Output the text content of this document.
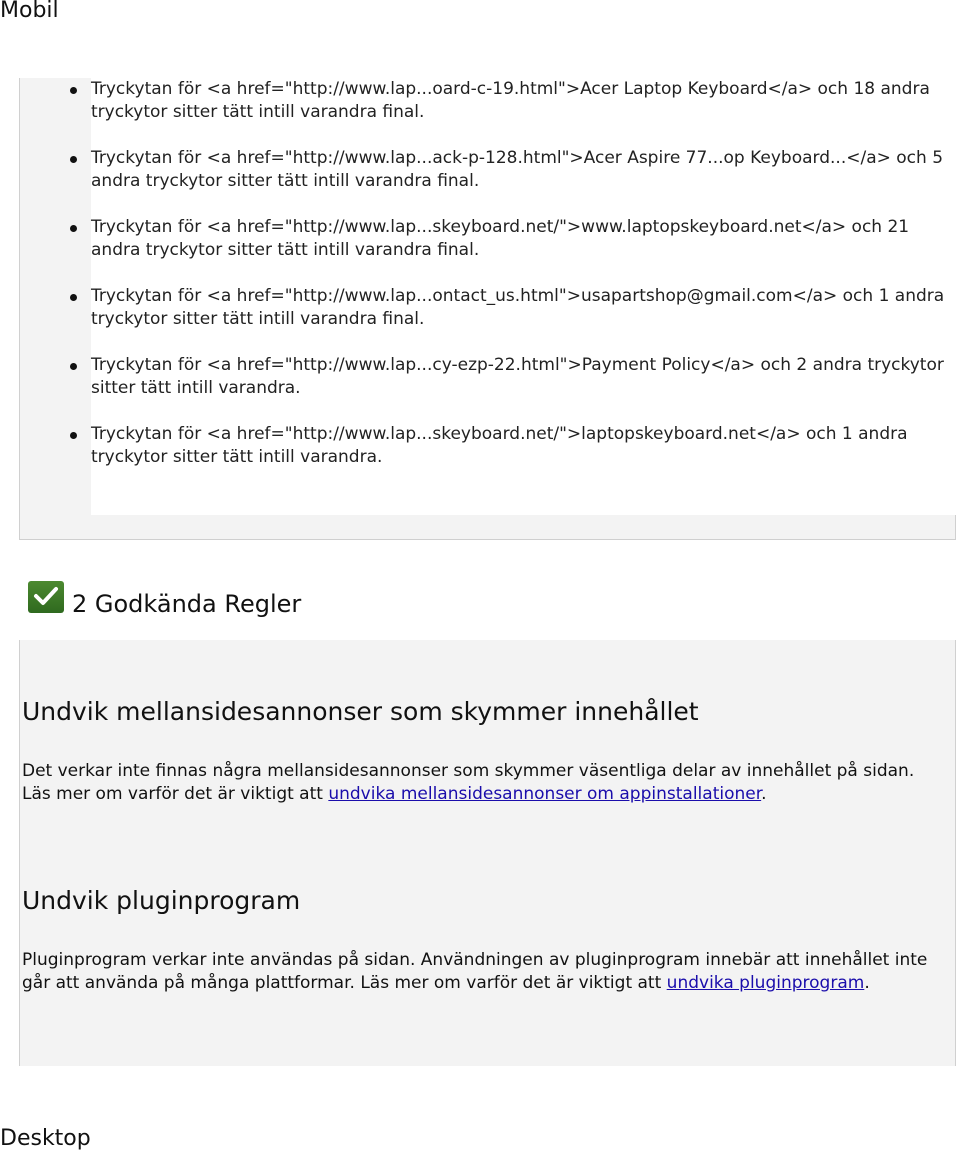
Mobil
Tryckytan för <a href="http://www.lap...oard-c-19.html">Acer Laptop Keyboard</a> och 18 andra tryckytor sitter tätt intill varandra final.
Tryckytan för <a href="http://www.lap...ack-p-128.html">Acer Aspire 77...op Keyboard...</a> och 5 andra tryckytor sitter tätt intill varandra final.
Tryckytan för <a href="http://www.lap...skeyboard.net/">www.laptopskeyboard.net</a> och 21 andra tryckytor sitter tätt intill varandra final.
Tryckytan för <a href="http://www.lap...ontact_us.html">usapartshop@gmail.com</a> och 1 andra tryckytor sitter tätt intill varandra final.
Tryckytan för <a href="http://www.lap...cy-ezp-22.html">Payment Policy</a> och 2 andra tryckytor sitter tätt intill varandra.
Tryckytan för <a href="http://www.lap...skeyboard.net/">laptopskeyboard.net</a> och 1 andra tryckytor sitter tätt intill varandra.
2 Godkända Regler
Undvik mellansidesannonser som skymmer innehållet

Det verkar inte finnas några mellansidesannonser som skymmer väsentliga delar av innehållet på sidan. Läs mer om varför det är viktigt att undvika mellansidesannonser om appinstallationer.

Undvik pluginprogram

Pluginprogram verkar inte användas på sidan. Användningen av pluginprogram innebär att innehållet inte går att använda på många plattformar. Läs mer om varför det är viktigt att undvika pluginprogram.

Desktop
